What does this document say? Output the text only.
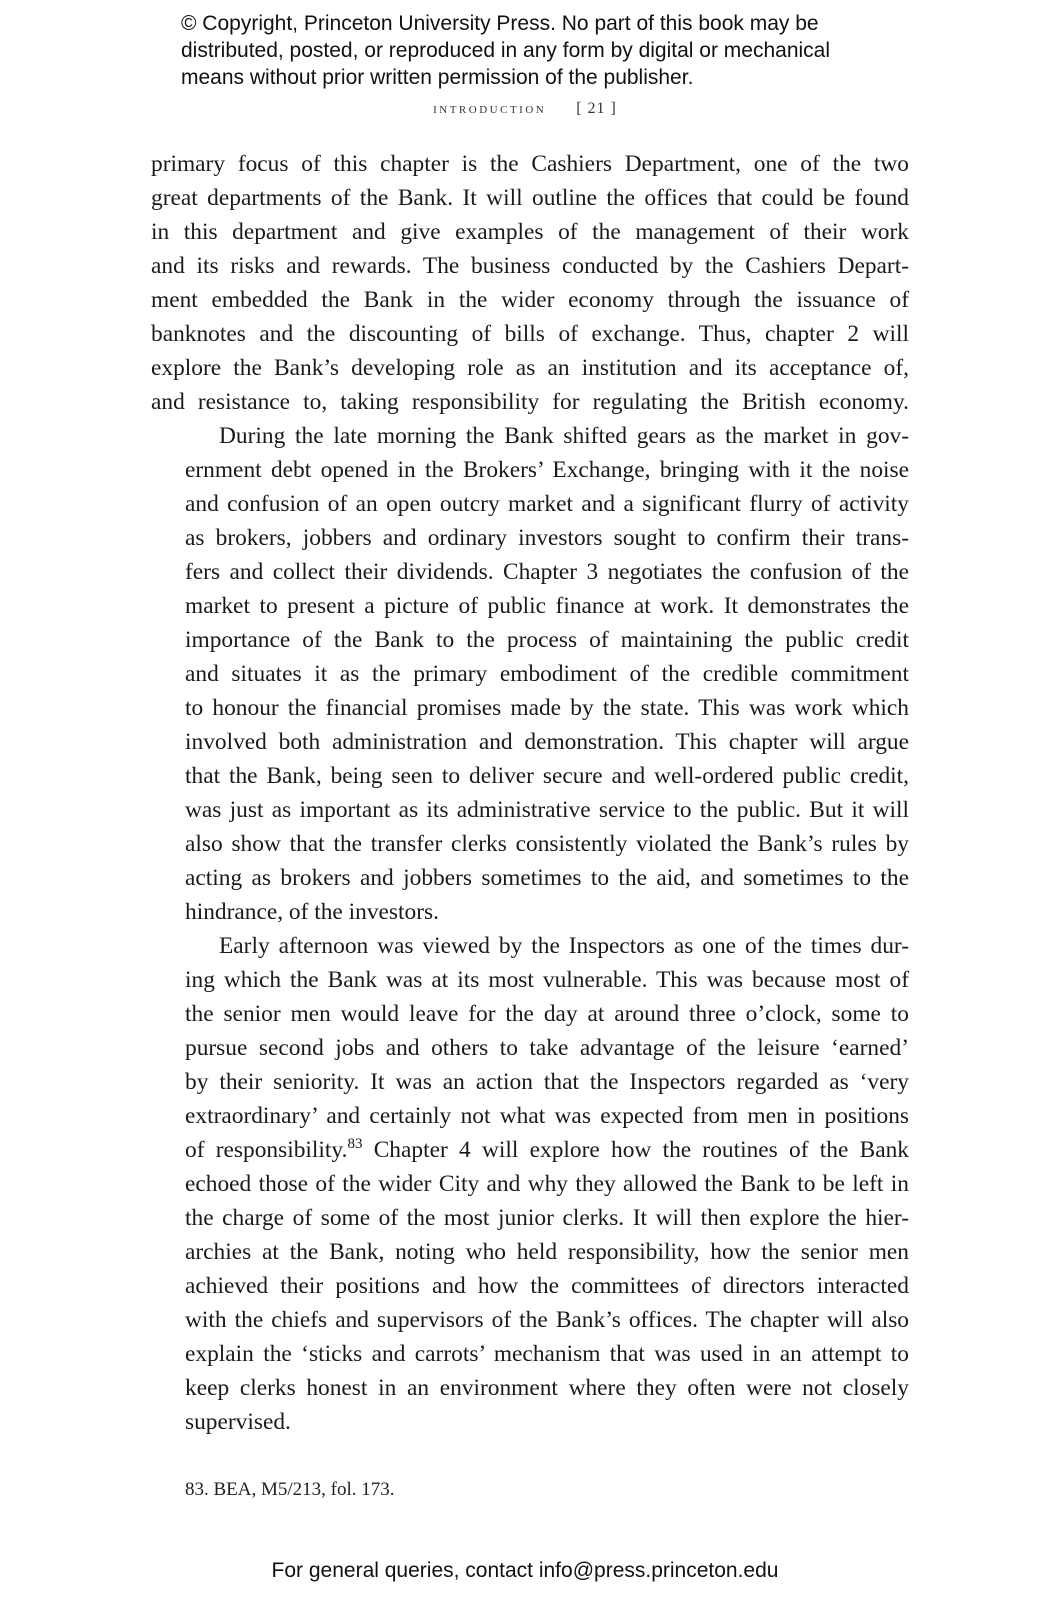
© Copyright, Princeton University Press. No part of this book may be

distributed, posted, or reproduced in any form by digital or mechanical

means without prior written permission of the publisher.

introduction [ 21 ]

primary focus of this chapter is the Cashiers Department, one of the two
great departments of the Bank. It will outline the offices that could be found
in this department and give examples of the management of their work
and its risks and rewards. The business conducted by the Cashiers Depart-
ment embedded the Bank in the wider economy through the issuance of
banknotes and the discounting of bills of exchange. Thus, chapter 2 will
explore the Bank’s developing role as an institution and its acceptance of,
and resistance to, taking responsibility for regulating the British economy.

During the late morning the Bank shifted gears as the market in gov-
ernment debt opened in the Brokers’ Exchange, bringing with it the noise
and confusion of an open outcry market and a significant flurry of activity
as brokers, jobbers and ordinary investors sought to confirm their trans-
fers and collect their dividends. Chapter 3 negotiates the confusion of the
market to present a picture of public finance at work. It demonstrates the
importance of the Bank to the process of maintaining the public credit
and situates it as the primary embodiment of the credible commitment
to honour the financial promises made by the state. This was work which
involved both administration and demonstration. This chapter will argue
that the Bank, being seen to deliver secure and well-ordered public credit,
was just as important as its administrative service to the public. But it will
also show that the transfer clerks consistently violated the Bank’s rules by
acting as brokers and jobbers sometimes to the aid, and sometimes to the
hindrance, of the investors.

Early afternoon was viewed by the Inspectors as one of the times dur-
ing which the Bank was at its most vulnerable. This was because most of
the senior men would leave for the day at around three o’clock, some to
pursue second jobs and others to take advantage of the leisure ‘earned’
by their seniority. It was an action that the Inspectors regarded as ‘very
extraordinary’ and certainly not what was expected from men in positions
of responsibility.$^{83}$ Chapter 4 will explore how the routines of the Bank
echoed those of the wider City and why they allowed the Bank to be left in
the charge of some of the most junior clerks. It will then explore the hier-
archies at the Bank, noting who held responsibility, how the senior men
achieved their positions and how the committees of directors interacted
with the chiefs and supervisors of the Bank’s offices. The chapter will also
explain the ‘sticks and carrots’ mechanism that was used in an attempt to
keep clerks honest in an environment where they often were not closely
supervised.

83. BEA, M5/213, fol. 173.
For general queries, contact info@press.princeton.edu
